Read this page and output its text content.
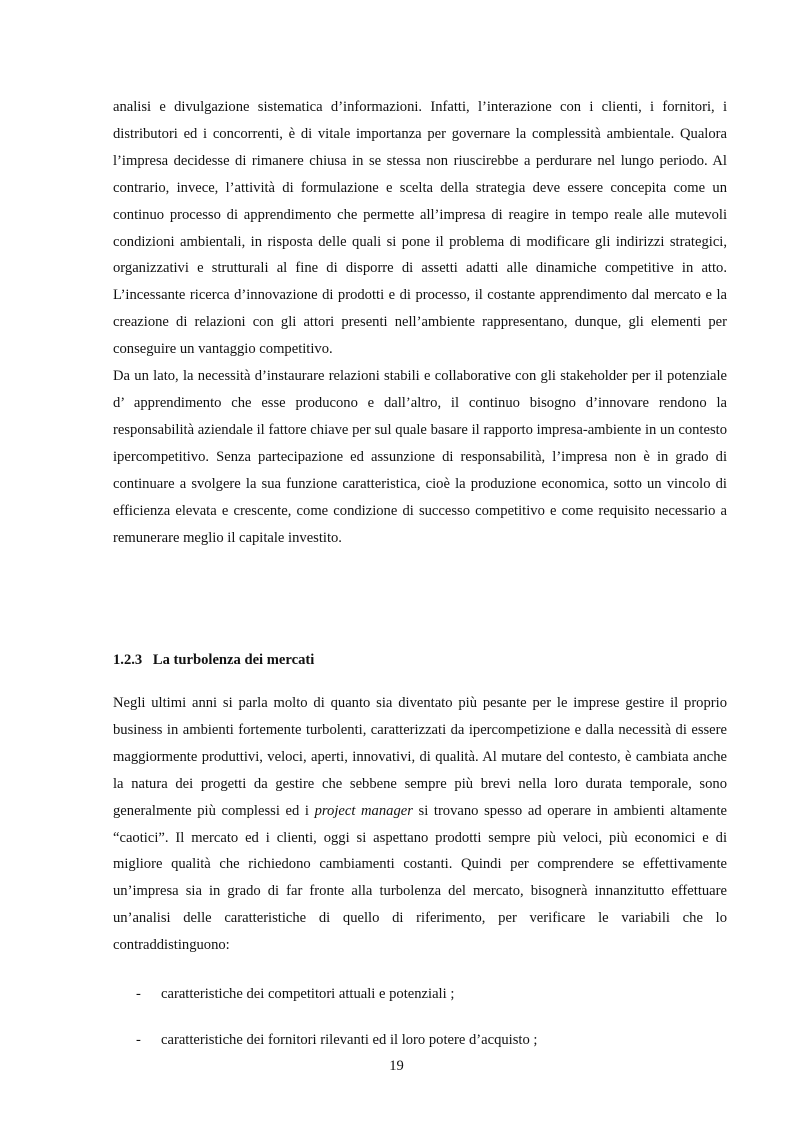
analisi e divulgazione sistematica d’informazioni. Infatti, l’interazione con i clienti, i fornitori, i distributori ed i concorrenti, è di vitale importanza per governare la complessità ambientale. Qualora l’impresa decidesse di rimanere chiusa in se stessa non riuscirebbe a perdurare nel lungo periodo. Al contrario, invece, l’attività di formulazione e scelta della strategia deve essere concepita come un continuo processo di apprendimento che permette all’impresa di reagire in tempo reale alle mutevoli condizioni ambientali, in risposta delle quali si pone il problema di modificare gli indirizzi strategici, organizzativi e strutturali al fine di disporre di assetti adatti alle dinamiche competitive in atto. L’incessante ricerca d’innovazione di prodotti e di processo, il costante apprendimento dal mercato e la creazione di relazioni con gli attori presenti nell’ambiente rappresentano, dunque, gli elementi per conseguire un vantaggio competitivo.

Da un lato, la necessità d’instaurare relazioni stabili e collaborative con gli stakeholder per il potenziale d’ apprendimento che esse producono e dall’altro, il continuo bisogno d’innovare rendono la responsabilità aziendale il fattore chiave per sul quale basare il rapporto impresa-ambiente in un contesto ipercompetitivo. Senza partecipazione ed assunzione di responsabilità, l’impresa non è in grado di continuare a svolgere la sua funzione caratteristica, cioè la produzione economica, sotto un vincolo di efficienza elevata e crescente, come condizione di successo competitivo e come requisito necessario a remunerare meglio il capitale investito.

1.2.3 La turbolenza dei mercati

Negli ultimi anni si parla molto di quanto sia diventato più pesante per le imprese gestire il proprio business in ambienti fortemente turbolenti, caratterizzati da ipercompetizione e dalla necessità di essere maggiormente produttivi, veloci, aperti, innovativi, di qualità. Al mutare del contesto, è cambiata anche la natura dei progetti da gestire che sebbene sempre più brevi nella loro durata temporale, sono generalmente più complessi ed i project manager si trovano spesso ad operare in ambienti altamente “caotici”. Il mercato ed i clienti, oggi si aspettano prodotti sempre più veloci, più economici e di migliore qualità che richiedono cambiamenti costanti. Quindi per comprendere se effettivamente un’impresa sia in grado di far fronte alla turbolenza del mercato, bisognerà innanzitutto effettuare un’analisi delle caratteristiche di quello di riferimento, per verificare le variabili che lo contraddistinguono:

-	caratteristiche dei competitori attuali e potenziali ;
-	caratteristiche dei fornitori rilevanti ed il loro potere d’acquisto ;
19
